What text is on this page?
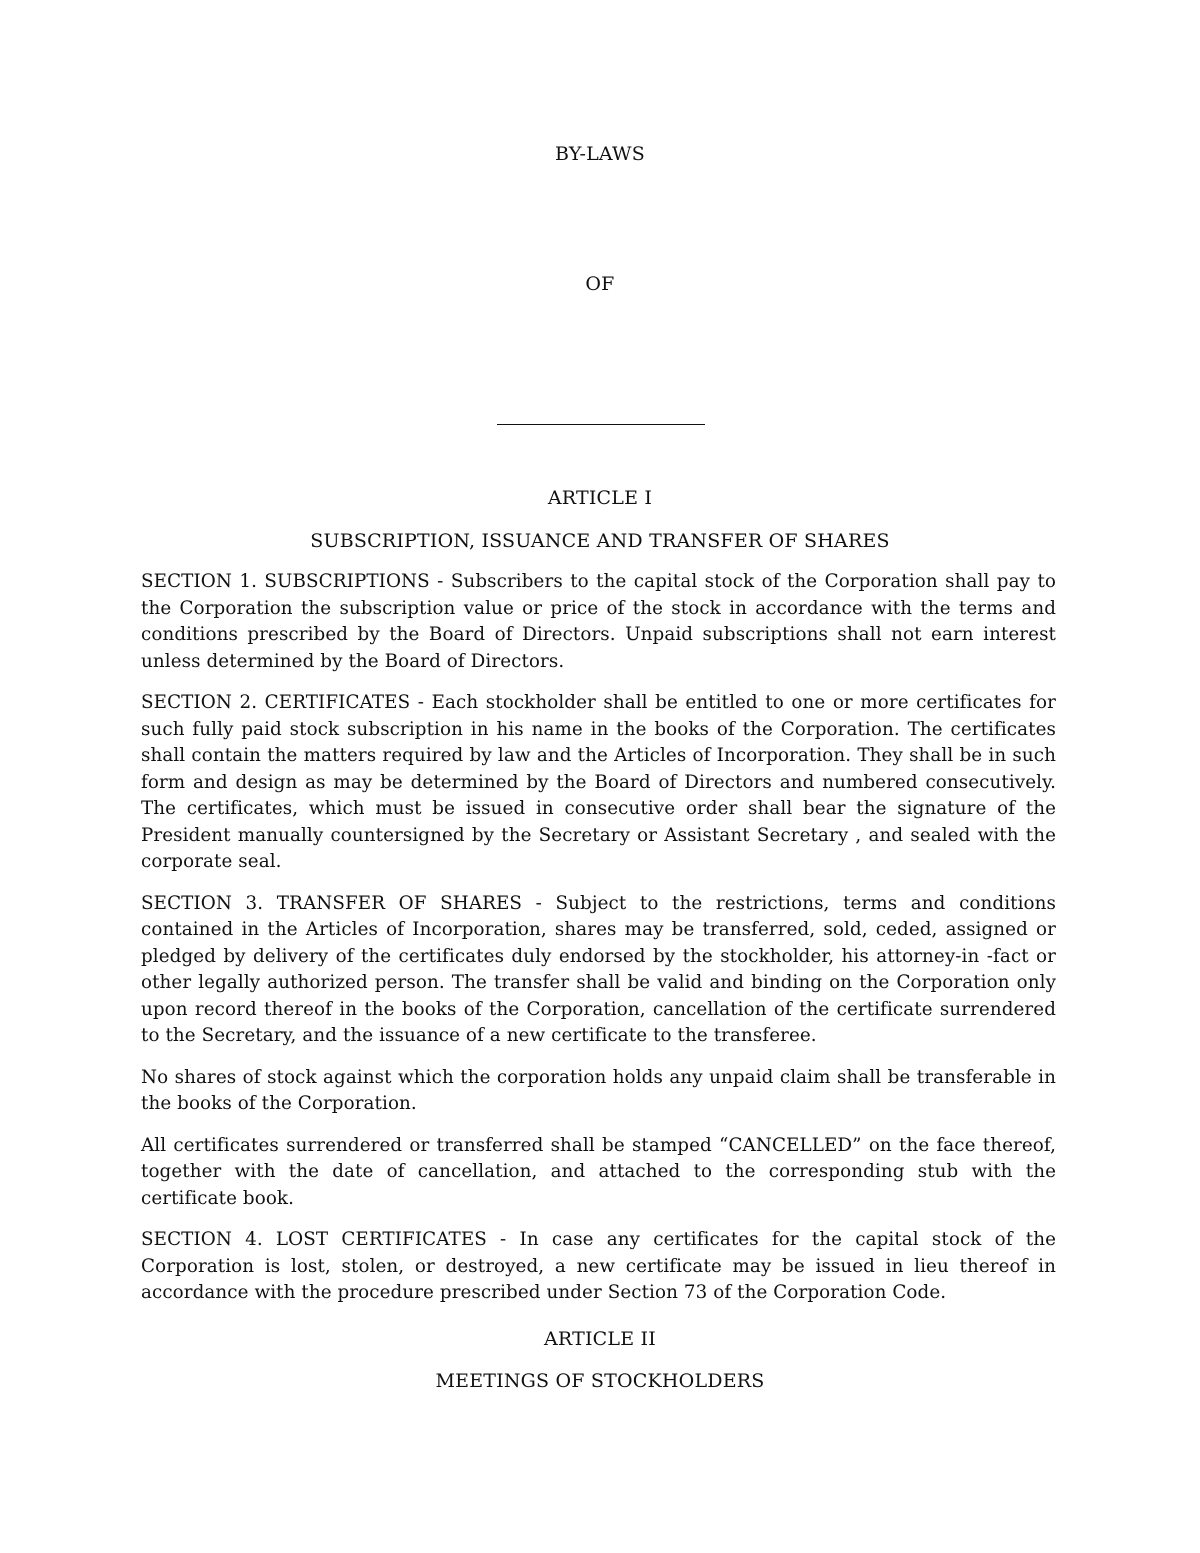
BY-LAWS
OF
ARTICLE I
SUBSCRIPTION, ISSUANCE AND TRANSFER OF SHARES

SECTION 1. SUBSCRIPTIONS - Subscribers to the capital stock of the Corporation shall pay to the Corporation the subscription value or price of the stock in accordance with the terms and conditions prescribed by the Board of Directors. Unpaid subscriptions shall not earn interest unless determined by the Board of Directors.

SECTION 2. CERTIFICATES - Each stockholder shall be entitled to one or more certificates for such fully paid stock subscription in his name in the books of the Corporation. The certificates shall contain the matters required by law and the Articles of Incorporation. They shall be in such form and design as may be determined by the Board of Directors and numbered consecutively. The certificates, which must be issued in consecutive order shall bear the signature of the President manually countersigned by the Secretary or Assistant Secretary , and sealed with the corporate seal.

SECTION 3. TRANSFER OF SHARES - Subject to the restrictions, terms and conditions contained in the Articles of Incorporation, shares may be transferred, sold, ceded, assigned or pledged by delivery of the certificates duly endorsed by the stockholder, his attorney-in -fact or other legally authorized person. The transfer shall be valid and binding on the Corporation only upon record thereof in the books of the Corporation, cancellation of the certificate surrendered to the Secretary, and the issuance of a new certificate to the transferee.

No shares of stock against which the corporation holds any unpaid claim shall be transferable in the books of the Corporation.

All certificates surrendered or transferred shall be stamped “CANCELLED” on the face thereof, together with the date of cancellation, and attached to the corresponding stub with the certificate book.

SECTION 4. LOST CERTIFICATES - In case any certificates for the capital stock of the Corporation is lost, stolen, or destroyed, a new certificate may be issued in lieu thereof in accordance with the procedure prescribed under Section 73 of the Corporation Code.

ARTICLE II
MEETINGS OF STOCKHOLDERS
